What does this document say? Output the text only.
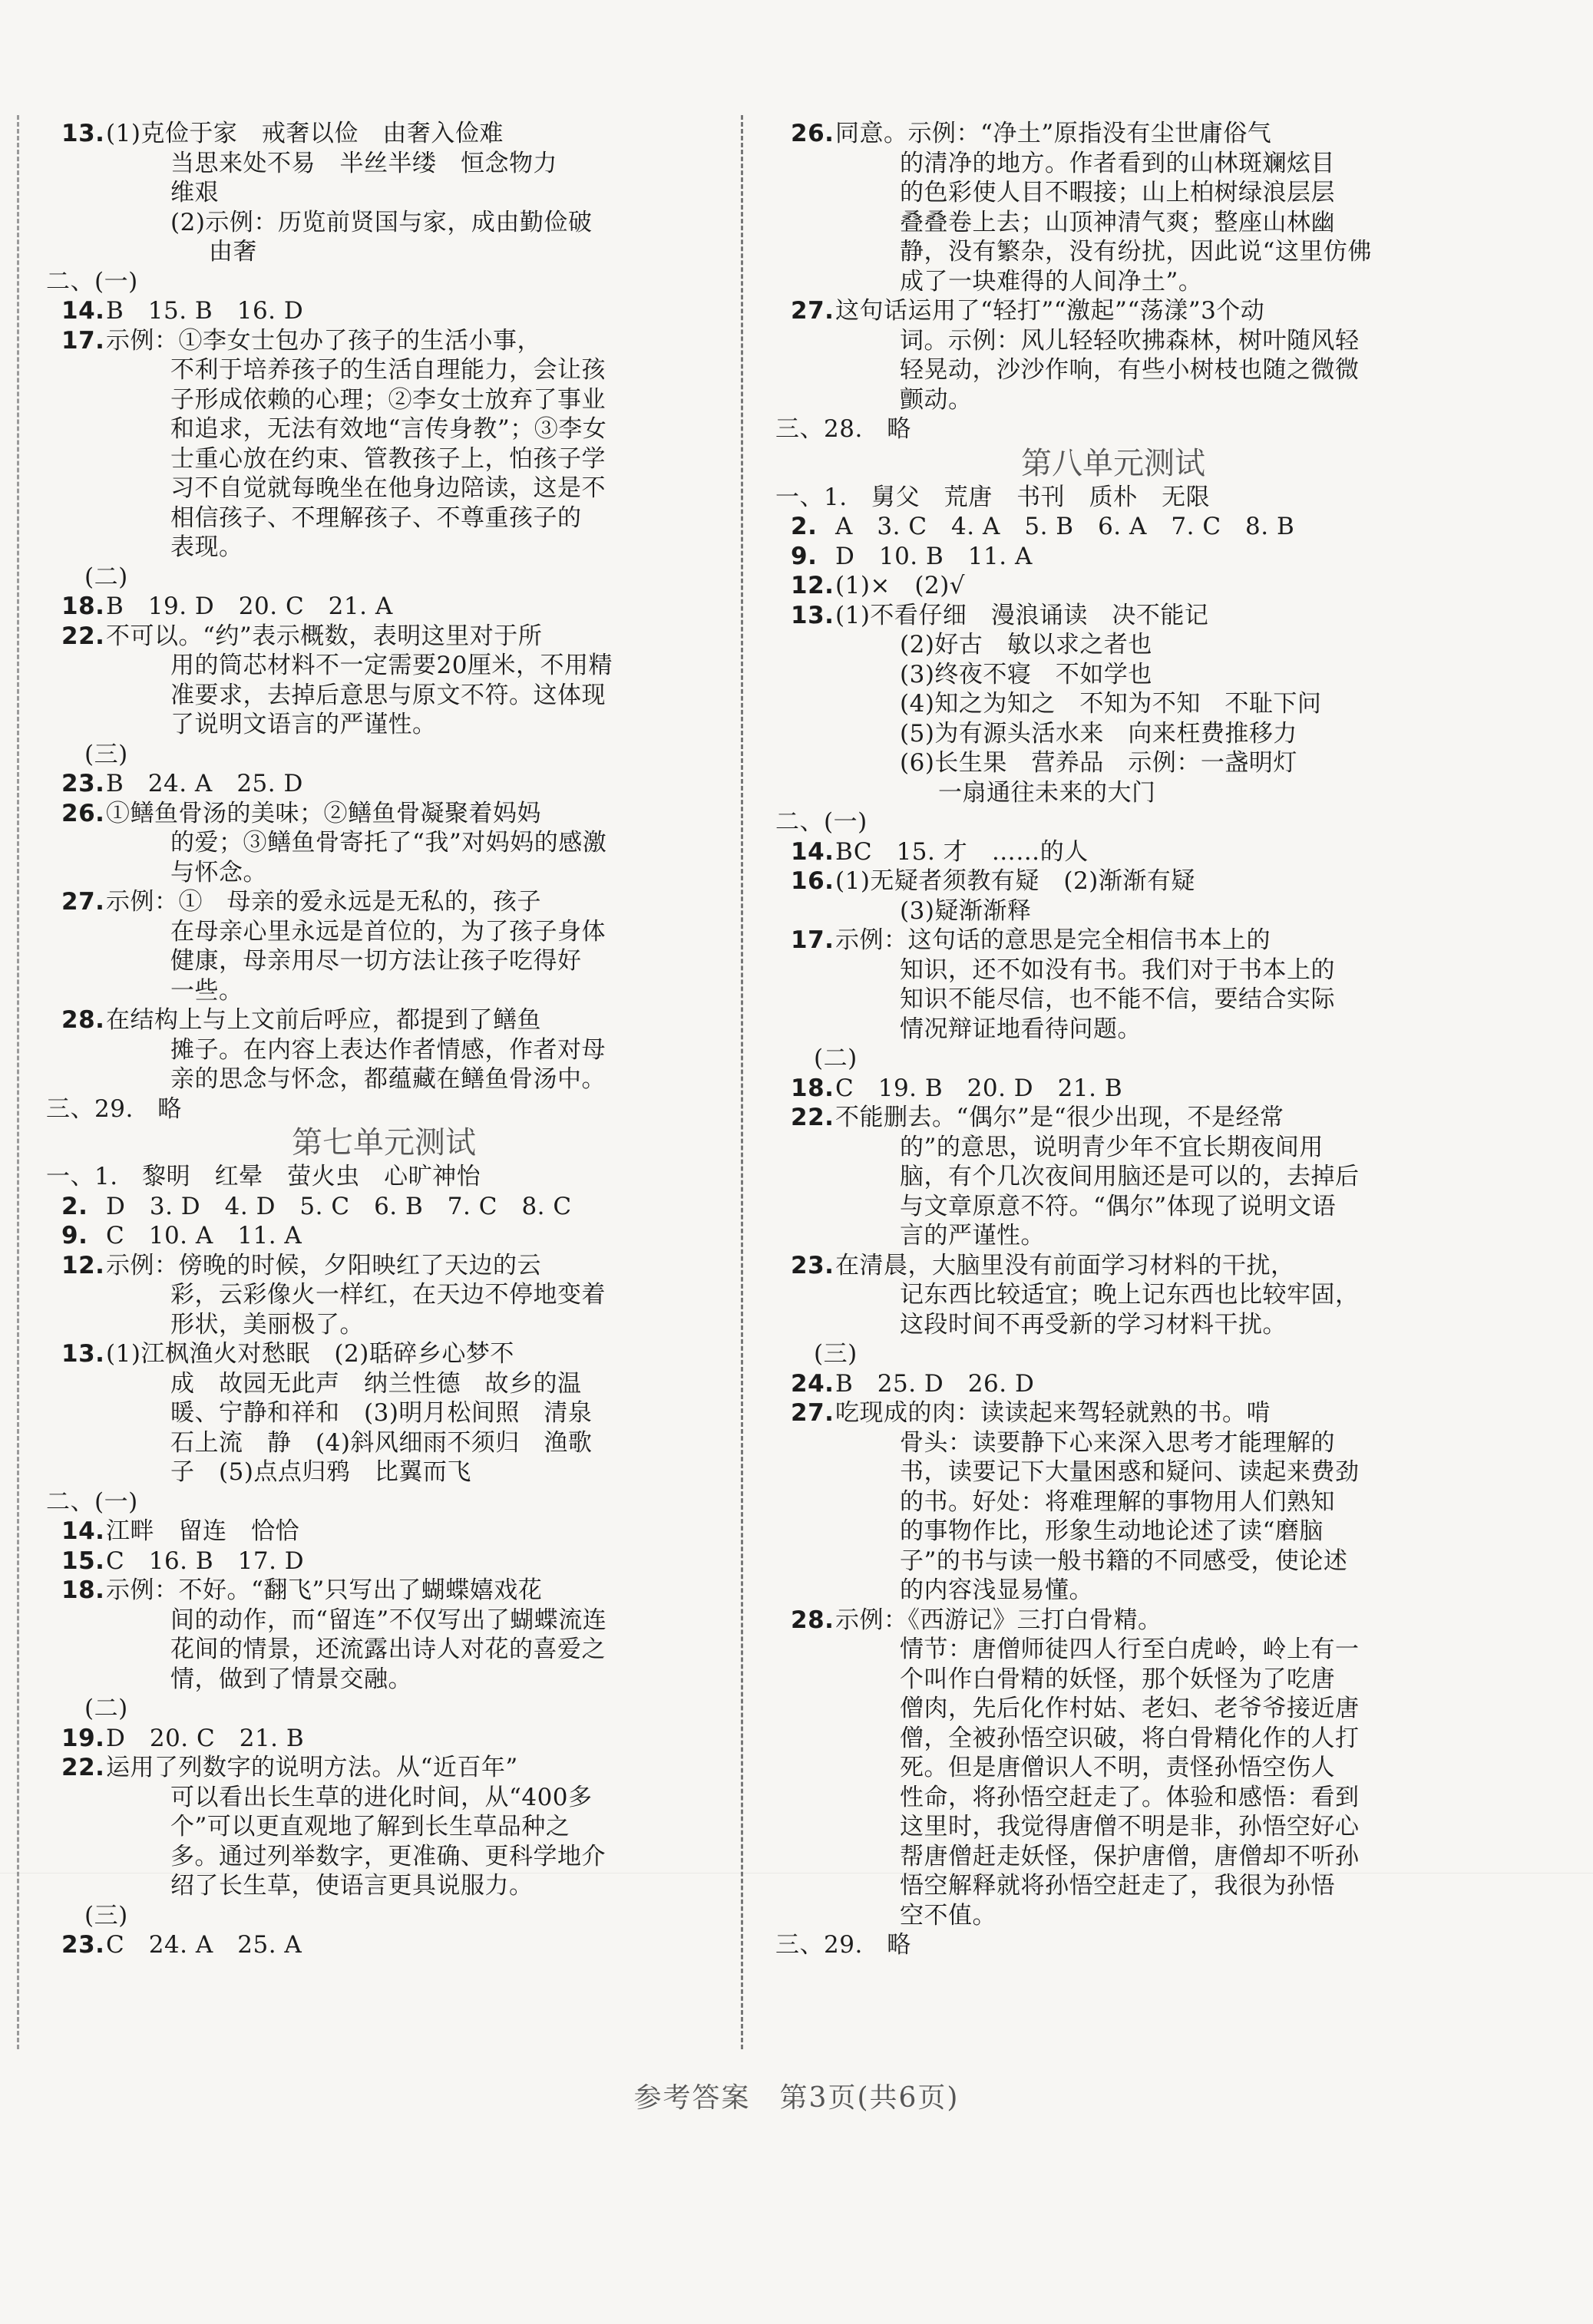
13. (1)克俭于家　戒奢以俭　由奢入俭难
当思来处不易　半丝半缕　恒念物力
维艰
(2)示例：历览前贤国与家，成由勤俭破
由奢
二、(一)
14. B　15. B　16. D
17. 示例：①李女士包办了孩子的生活小事，
不利于培养孩子的生活自理能力，会让孩
子形成依赖的心理；②李女士放弃了事业
和追求，无法有效地“言传身教”；③李女
士重心放在约束、管教孩子上，怕孩子学
习不自觉就每晚坐在他身边陪读，这是不
相信孩子、不理解孩子、不尊重孩子的
表现。
(二)
18. B　19. D　20. C　21. A
22. 不可以。“约”表示概数，表明这里对于所
用的筒芯材料不一定需要20厘米，不用精
准要求，去掉后意思与原文不符。这体现
了说明文语言的严谨性。
(三)
23. B　24. A　25. D
26. ①鳝鱼骨汤的美味；②鳝鱼骨凝聚着妈妈
的爱；③鳝鱼骨寄托了“我”对妈妈的感激
与怀念。
27. 示例：①　母亲的爱永远是无私的，孩子
在母亲心里永远是首位的，为了孩子身体
健康，母亲用尽一切方法让孩子吃得好
一些。
28. 在结构上与上文前后呼应，都提到了鳝鱼
摊子。在内容上表达作者情感，作者对母
亲的思念与怀念，都蕴藏在鳝鱼骨汤中。
三、29.　略
第七单元测试
一、1.　黎明　红晕　萤火虫　心旷神怡
2. D　3. D　4. D　5. C　6. B　7. C　8. C
9. C　10. A　11. A
12. 示例：傍晚的时候，夕阳映红了天边的云
彩，云彩像火一样红，在天边不停地变着
形状，美丽极了。
13. (1)江枫渔火对愁眠　(2)聒碎乡心梦不
成　故园无此声　纳兰性德　故乡的温
暖、宁静和祥和　(3)明月松间照　清泉
石上流　静　(4)斜风细雨不须归　渔歌
子　(5)点点归鸦　比翼而飞
二、(一)
14. 江畔　留连　恰恰
15. C　16. B　17. D
18. 示例：不好。“翻飞”只写出了蝴蝶嬉戏花
间的动作，而“留连”不仅写出了蝴蝶流连
花间的情景，还流露出诗人对花的喜爱之
情，做到了情景交融。
(二)
19. D　20. C　21. B
22. 运用了列数字的说明方法。从“近百年”
可以看出长生草的进化时间，从“400多
个”可以更直观地了解到长生草品种之
多。通过列举数字，更准确、更科学地介
绍了长生草，使语言更具说服力。
(三)
23. C　24. A　25. A
26. 同意。示例：“净土”原指没有尘世庸俗气
的清净的地方。作者看到的山林斑斓炫目
的色彩使人目不暇接；山上柏树绿浪层层
叠叠卷上去；山顶神清气爽；整座山林幽
静，没有繁杂，没有纷扰，因此说“这里仿佛
成了一块难得的人间净土”。
27. 这句话运用了“轻打”“激起”“荡漾”3个动
词。示例：风儿轻轻吹拂森林，树叶随风轻
轻晃动，沙沙作响，有些小树枝也随之微微
颤动。
三、28.　略
第八单元测试
一、1.　舅父　荒唐　书刊　质朴　无限
2. A　3. C　4. A　5. B　6. A　7. C　8. B
9. D　10. B　11. A
12. (1)×　(2)√
13. (1)不看仔细　漫浪诵读　决不能记
(2)好古　敏以求之者也
(3)终夜不寝　不如学也
(4)知之为知之　不知为不知　不耻下问
(5)为有源头活水来　向来枉费推移力
(6)长生果　营养品　示例：一盏明灯
一扇通往未来的大门
二、(一)
14. BC　15. 才　……的人
16. (1)无疑者须教有疑　(2)渐渐有疑
(3)疑渐渐释
17. 示例：这句话的意思是完全相信书本上的
知识，还不如没有书。我们对于书本上的
知识不能尽信，也不能不信，要结合实际
情况辩证地看待问题。
(二)
18. C　19. B　20. D　21. B
22. 不能删去。“偶尔”是“很少出现，不是经常
的”的意思，说明青少年不宜长期夜间用
脑，有个几次夜间用脑还是可以的，去掉后
与文章原意不符。“偶尔”体现了说明文语
言的严谨性。
23. 在清晨，大脑里没有前面学习材料的干扰，
记东西比较适宜；晚上记东西也比较牢固，
这段时间不再受新的学习材料干扰。
(三)
24. B　25. D　26. D
27. 吃现成的肉：读读起来驾轻就熟的书。啃
骨头：读要静下心来深入思考才能理解的
书，读要记下大量困惑和疑问、读起来费劲
的书。好处：将难理解的事物用人们熟知
的事物作比，形象生动地论述了读“磨脑
子”的书与读一般书籍的不同感受，使论述
的内容浅显易懂。
28. 示例：《西游记》三打白骨精。
情节：唐僧师徒四人行至白虎岭，岭上有一
个叫作白骨精的妖怪，那个妖怪为了吃唐
僧肉，先后化作村姑、老妇、老爷爷接近唐
僧，全被孙悟空识破，将白骨精化作的人打
死。但是唐僧识人不明，责怪孙悟空伤人
性命，将孙悟空赶走了。体验和感悟：看到
这里时，我觉得唐僧不明是非，孙悟空好心
帮唐僧赶走妖怪，保护唐僧，唐僧却不听孙
悟空解释就将孙悟空赶走了，我很为孙悟
空不值。
三、29.　略
参考答案　第3页(共6页)
